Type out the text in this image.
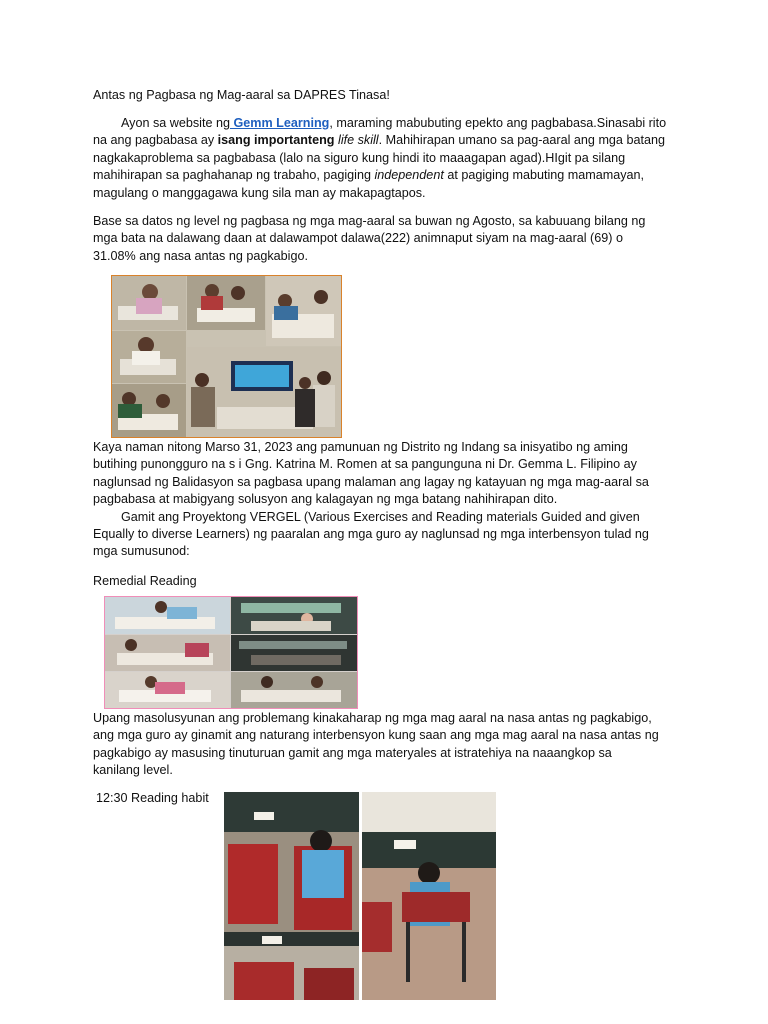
Antas ng Pagbasa ng Mag-aaral sa DAPRES Tinasa!
Ayon sa website ng Gemm Learning, maraming mabubuting epekto ang pagbabasa.Sinasabi rito
na ang pagbabasa ay isang importanteng life skill. Mahihirapan umano sa pag-aaral ang mga batang
nagkakaproblema sa pagbabasa (lalo na siguro kung hindi ito maaagapan agad).HIgit pa silang
mahihirapan sa paghahanap ng trabaho, pagiging independent at pagiging mabuting mamamayan,
magulang o manggagawa kung sila man ay makapagtapos.
Base sa datos ng level ng pagbasa ng mga mag-aaral sa buwan ng Agosto, sa kabuuang bilang ng
mga bata na dalawang daan at dalawampot dalawa(222) animnaput siyam na mag-aaral (69) o
31.08% ang nasa antas ng pagkabigo.
Kaya naman nitong Marso 31, 2023 ang pamunuan ng Distrito ng Indang sa inisyatibo ng aming
butihing punongguro na s i Gng. Katrina M. Romen at sa pangunguna ni Dr. Gemma L. Filipino ay
naglunsad ng Balidasyon sa pagbasa upang malaman ang lagay ng katayuan ng mga mag-aaral sa
pagbabasa at mabigyang solusyon ang kalagayan ng mga batang nahihirapan dito.
Gamit ang Proyektong VERGEL (Various Exercises and Reading materials Guided and given
Equally to diverse Learners) ng paaralan ang mga guro ay naglunsad ng mga interbensyon tulad ng
mga sumusunod:
Remedial Reading
Upang masolusyunan ang problemang kinakaharap ng mga mag aaral na nasa antas ng pagkabigo,
ang mga guro ay ginamit ang naturang interbensyon kung saan ang mga mag aaral na nasa antas ng
pagkabigo ay masusing tinuturuan gamit ang mga materyales at istratehiya na naaangkop sa
kanilang level.
12:30 Reading habit
